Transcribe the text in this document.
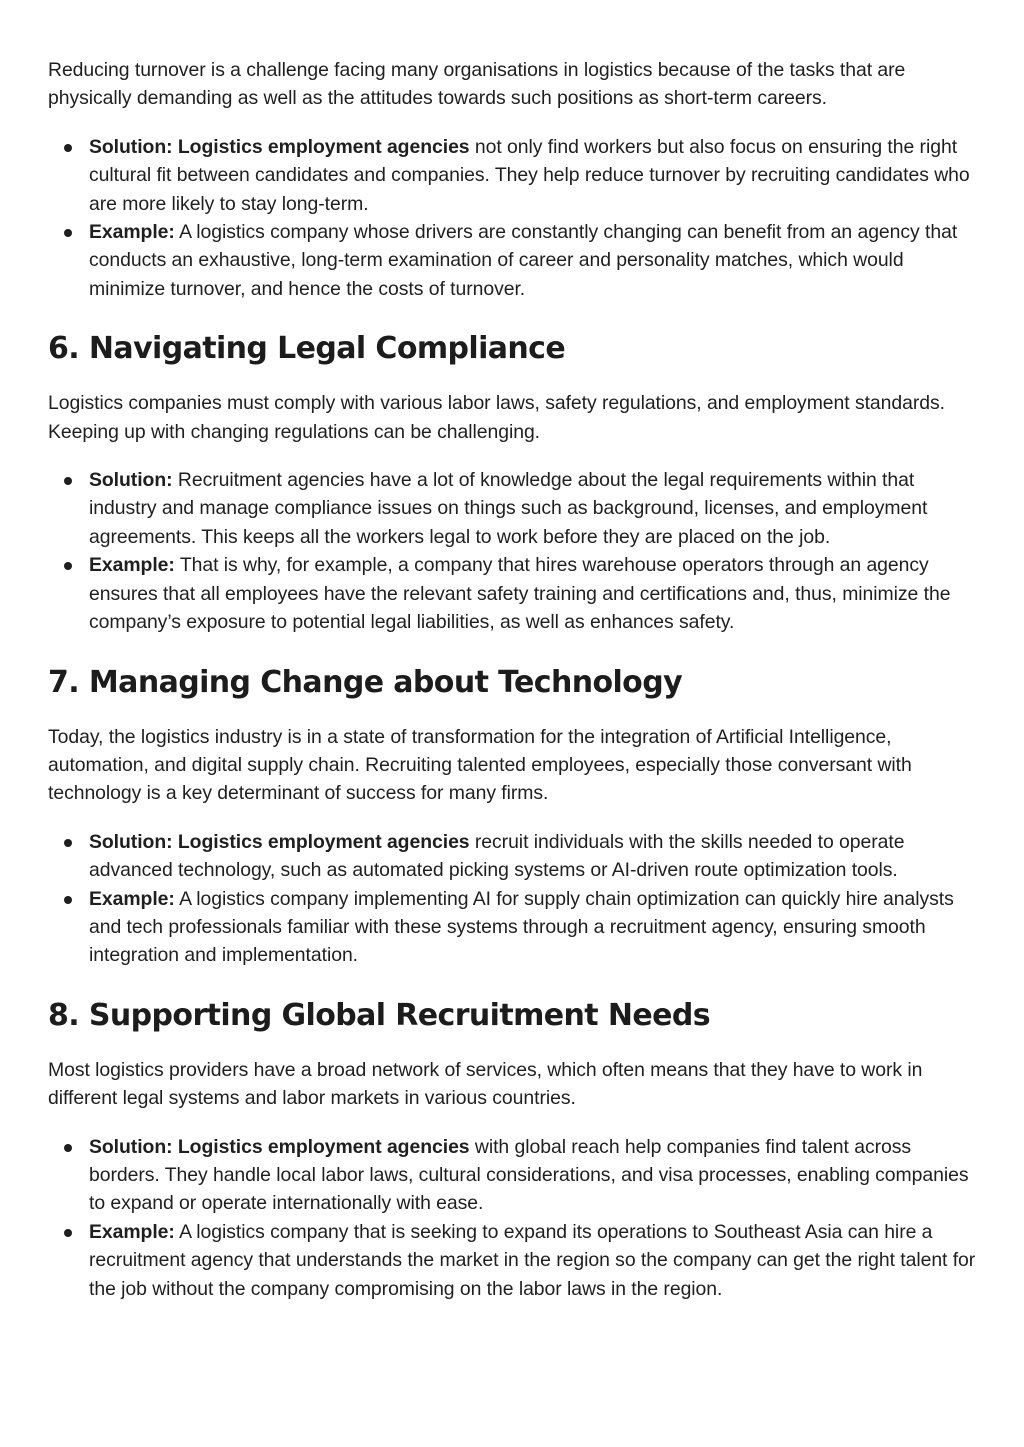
Reducing turnover is a challenge facing many organisations in logistics because of the tasks that are physically demanding as well as the attitudes towards such positions as short-term careers.

Solution: Logistics employment agencies not only find workers but also focus on ensuring the right cultural fit between candidates and companies. They help reduce turnover by recruiting candidates who are more likely to stay long-term.
Example: A logistics company whose drivers are constantly changing can benefit from an agency that conducts an exhaustive, long-term examination of career and personality matches, which would minimize turnover, and hence the costs of turnover.
6. Navigating Legal Compliance

Logistics companies must comply with various labor laws, safety regulations, and employment standards. Keeping up with changing regulations can be challenging.

Solution: Recruitment agencies have a lot of knowledge about the legal requirements within that industry and manage compliance issues on things such as background, licenses, and employment agreements. This keeps all the workers legal to work before they are placed on the job.
Example: That is why, for example, a company that hires warehouse operators through an agency ensures that all employees have the relevant safety training and certifications and, thus, minimize the company’s exposure to potential legal liabilities, as well as enhances safety.
7. Managing Change about Technology

Today, the logistics industry is in a state of transformation for the integration of Artificial Intelligence, automation, and digital supply chain. Recruiting talented employees, especially those conversant with technology is a key determinant of success for many firms.

Solution: Logistics employment agencies recruit individuals with the skills needed to operate advanced technology, such as automated picking systems or AI-driven route optimization tools.
Example: A logistics company implementing AI for supply chain optimization can quickly hire analysts and tech professionals familiar with these systems through a recruitment agency, ensuring smooth integration and implementation.
8. Supporting Global Recruitment Needs

Most logistics providers have a broad network of services, which often means that they have to work in different legal systems and labor markets in various countries.

Solution: Logistics employment agencies with global reach help companies find talent across borders. They handle local labor laws, cultural considerations, and visa processes, enabling companies to expand or operate internationally with ease.
Example: A logistics company that is seeking to expand its operations to Southeast Asia can hire a recruitment agency that understands the market in the region so the company can get the right talent for the job without the company compromising on the labor laws in the region.
